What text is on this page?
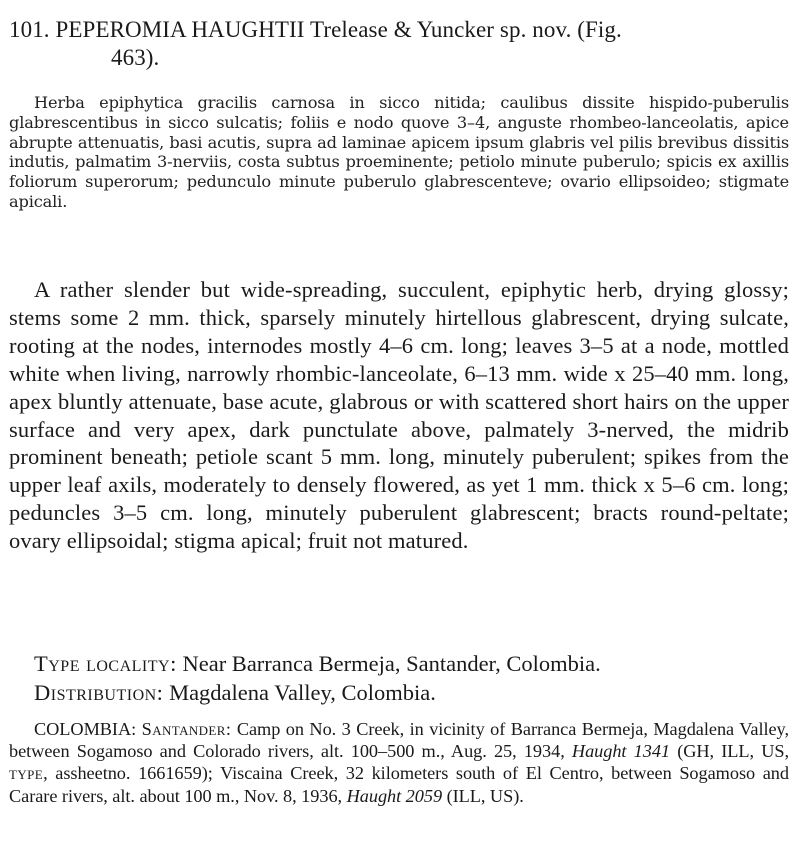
101. PEPEROMIA HAUGHTII Trelease & Yuncker sp. nov. (Fig.
463).

Herba epiphytica gracilis carnosa in sicco nitida; caulibus dissite hispido-puberulis glabrescentibus in sicco sulcatis; foliis e nodo quove 3–4, anguste rhombeo-lanceolatis, apice abrupte attenuatis, basi acutis, supra ad laminae apicem ipsum glabris vel pilis brevibus dissitis indutis, palmatim 3-nerviis, costa subtus proeminente; petiolo minute puberulo; spicis ex axillis foliorum superorum; pedunculo minute puberulo glabrescenteve; ovario ellipsoideo; stigmate apicali.

A rather slender but wide-spreading, succulent, epiphytic herb, drying glossy; stems some 2 mm. thick, sparsely minutely hirtellous glabrescent, drying sulcate, rooting at the nodes, internodes mostly 4–6 cm. long; leaves 3–5 at a node, mottled white when living, narrowly rhombic-lanceolate, 6–13 mm. wide x 25–40 mm. long, apex bluntly attenuate, base acute, glabrous or with scattered short hairs on the upper surface and very apex, dark punctulate above, palmately 3-nerved, the midrib prominent beneath; petiole scant 5 mm. long, minutely puberulent; spikes from the upper leaf axils, moderately to densely flowered, as yet 1 mm. thick x 5–6 cm. long; peduncles 3–5 cm. long, minutely puberulent glabrescent; bracts round-peltate; ovary ellipsoidal; stigma apical; fruit not matured.

Type locality: Near Barranca Bermeja, Santander, Colombia.
Distribution: Magdalena Valley, Colombia.

COLOMBIA: Santander: Camp on No. 3 Creek, in vicinity of Barranca Bermeja, Magdalena Valley, between Sogamoso and Colorado rivers, alt. 100–500 m., Aug. 25, 1934, Haught 1341 (GH, ILL, US, type, assheetno. 1661659); Viscaina Creek, 32 kilometers south of El Centro, between Sogamoso and Carare rivers, alt. about 100 m., Nov. 8, 1936, Haught 2059 (ILL, US).
